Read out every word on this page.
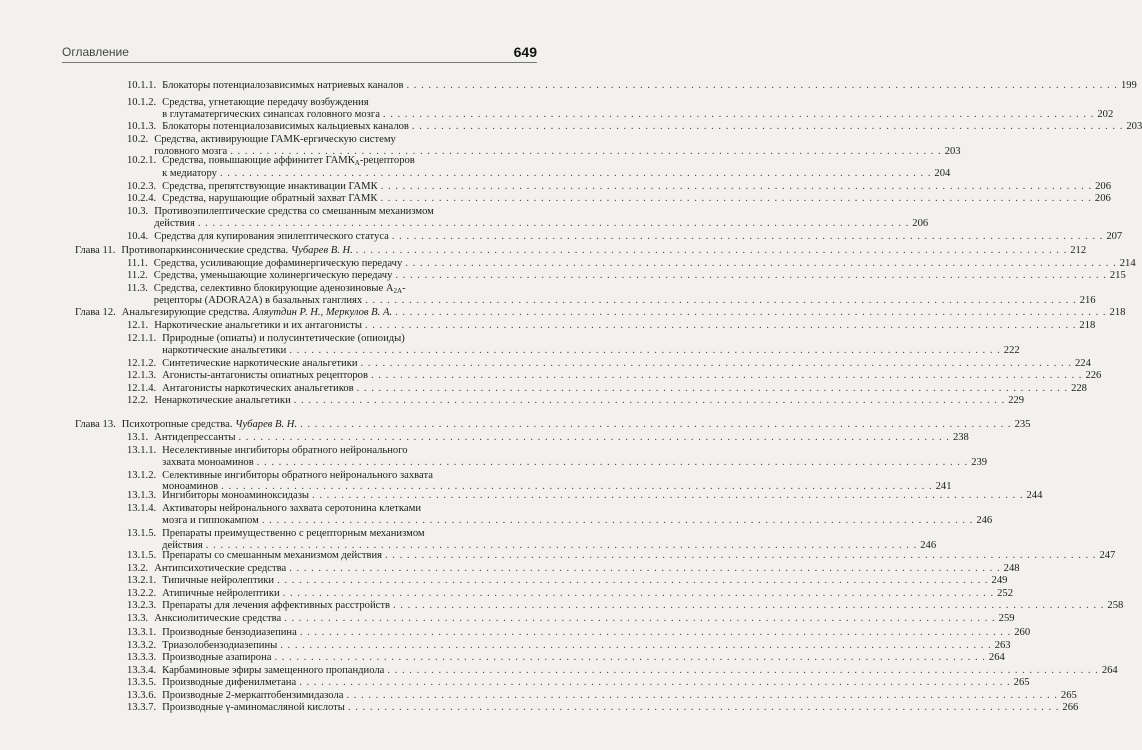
Оглавление	649
10.1.1. Блокаторы потенциалозависимых натриевых каналов . . .	199
10.1.2. Средства, угнетающие передачу возбуждения
в глутаматергических синапсах головного мозга . . .	202
10.1.3. Блокаторы потенциалозависимых кальциевых каналов . . .	203
10.2. Средства, активирующие ГАМК-ергическую систему
головного мозга . . .	203
10.2.1. Средства, повышающие аффинитет $ГАМК_А$-рецепторов
к медиатору . . .	204
10.2.3. Средства, препятствующие инактивации ГАМК . . .	206
10.2.4. Средства, нарушающие обратный захват ГАМК . . .	206
10.3. Противоэпилептические средства со смешанным механизмом
действия . . .	206
10.4. Средства для купирования эпилептического статуса . . .	207
Глава 11. Противопаркинсонические средства. Чубарев В. Н. . . .	212
11.1. Средства, усиливающие дофаминергическую передачу . . .	214
11.2. Средства, уменьшающие холинергическую передачу . . .	215
11.3. Средства, селективно блокирующие аденозиновые $A_{2А}-$
рецепторы (ADORA2A) в базальных ганглиях . . .	216
Глава 12. Анальгезирующие средства. Аляутдин Р. Н., Меркулов В. А. . . .	218
12.1. Наркотические анальгетики и их антагонисты . . .	218
12.1.1. Природные (опиаты) и полусинтетические (опиоиды)
наркотические анальгетики . . .	222
12.1.2. Синтетические наркотические анальгетики . . .	224
12.1.3. Агонисты-антагонисты опиатных рецепторов . . .	226
12.1.4. Антагонисты наркотических анальгетиков . . .	228
12.2. Ненаркотические анальгетики . . .	229
Глава 13. Психотропные средства. Чубарев В. Н. . . .	235
13.1. Антидепрессанты . . .	238
13.1.1. Неселективные ингибиторы обратного нейронального
захвата моноаминов . . .	239
13.1.2. Селективные ингибиторы обратного нейронального захвата
моноаминов . . .	241
13.1.3. Ингибиторы моноаминоксидазы . . .	244
13.1.4. Активаторы нейронального захвата серотонина клетками
мозга и гиппокампом . . .	246
13.1.5. Препараты преимущественно с рецепторным механизмом
действия . . .	246
13.1.5. Препараты со смешанным механизмом действия . . .	247
13.2. Антипсихотические средства . . .	248
13.2.1. Типичные нейролептики . . .	249
13.2.2. Атипичные нейролептики . . .	252
13.2.3. Препараты для лечения аффективных расстройств . . .	258
13.3. Анксиолитические средства . . .	259
13.3.1. Производные бензодиазепина . . .	260
13.3.2. Триазолобензодиазепины . . .	263
13.3.3. Производные азапирона . . .	264
13.3.4. Карбаминовые эфиры замещенного пропандиола . . .	264
13.3.5. Производные дифенилметана . . .	265
13.3.6. Производные 2-меркаптобензимидазола . . .	265
13.3.7. Производные γ-аминомасляной кислоты . . .	266
